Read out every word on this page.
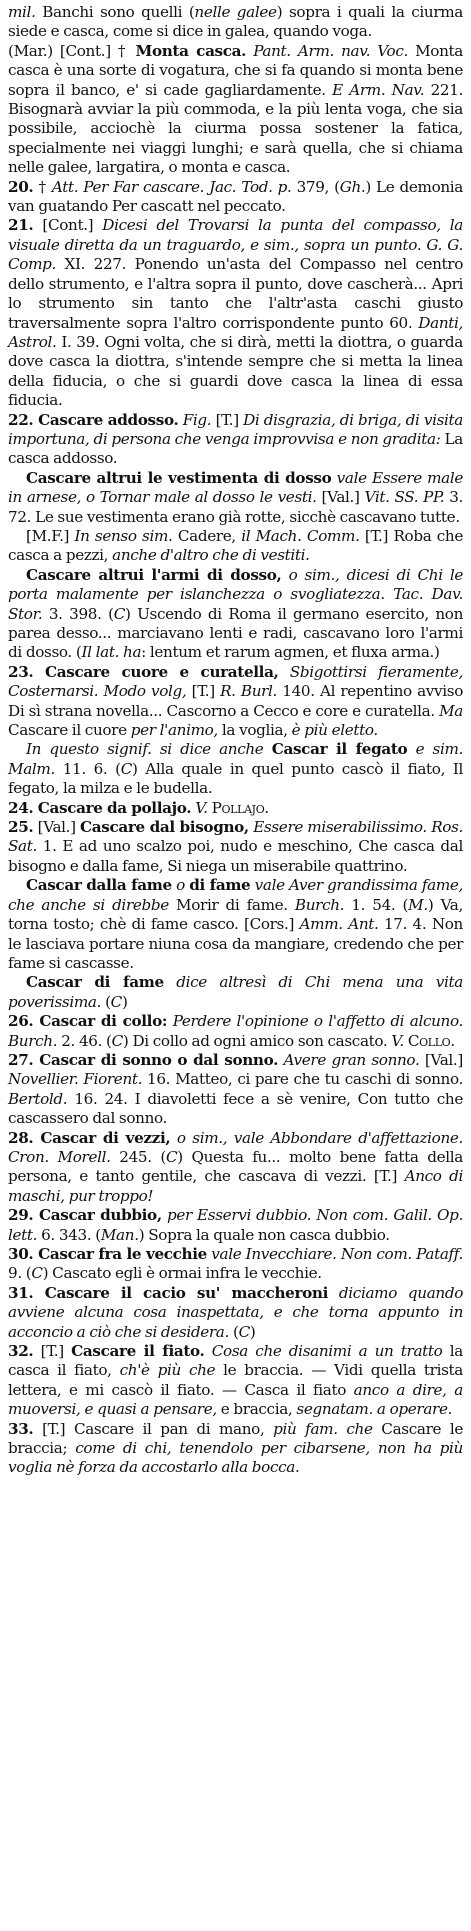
mil. Banchi sono quelli (nelle galee) sopra i quali la ciurma siede e casca, come si dice in galea, quando voga.

(Mar.) [Cont.] † Monta casca. Pant. Arm. nav. Voc. Monta casca è una sorte di vogatura, che si fa quando si monta bene sopra il banco, e' si cade gagliardamente. E Arm. Nav. 221. Bisognarà avviar la più commoda, e la più lenta voga, che sia possibile, acciochè la ciurma possa sostener la fatica, specialmente nei viaggi lunghi; e sarà quella, che si chiama nelle galee, largatira, o monta e casca.

20. † Att. Per Far cascare. Jac. Tod. p. 379, (Gh.) Le demonia van guatando Per cascatt nel peccato.

21. [Cont.] Dicesi del Trovarsi la punta del compasso, la visuale diretta da un traguardo, e sim., sopra un punto. G. G. Comp. XI. 227. Ponendo un'asta del Compasso nel centro dello strumento, e l'altra sopra il punto, dove cascherà... Apri lo strumento sin tanto che l'altr'asta caschi giusto traversalmente sopra l'altro corrispondente punto 60. Danti, Astrol. I. 39. Ogni volta, che si dirà, metti la diottra, o guarda dove casca la diottra, s'intende sempre che si metta la linea della fiducia, o che si guardi dove casca la linea di essa fiducia.

22. Cascare addosso. Fig. [T.] Di disgrazia, di briga, di visita importuna, di persona che venga improvvisa e non gradita: La casca addosso.

Cascare altrui le vestimenta di dosso vale Essere male in arnese, o Tornar male al dosso le vesti. [Val.] Vit. SS. PP. 3. 72. Le sue vestimenta erano già rotte, sicchè cascavano tutte.

[M.F.] In senso sim. Cadere, il Mach. Comm. [T.] Roba che casca a pezzi, anche d'altro che di vestiti.

Cascare altrui l'armi di dosso, o sim., dicesi di Chi le porta malamente per islanchezza o svogliatezza. Tac. Dav. Stor. 3. 398. (C) Uscendo di Roma il germano esercito, non parea desso... marciavano lenti e radi, cascavano loro l'armi di dosso. (Il lat. ha: lentum et rarum agmen, et fluxa arma.)

23. Cascare cuore e curatella, Sbigottirsi fieramente, Costernarsi. Modo volg, [T.] R. Burl. 140. Al repentino avviso Di sì strana novella... Cascorno a Cecco e core e curatella. Ma Cascare il cuore per l'animo, la voglia, è più eletto.

In questo signif. si dice anche Cascar il fegato e sim. Malm. 11. 6. (C) Alla quale in quel punto cascò il fiato, Il fegato, la milza e le budella.

24. Cascare da pollajo. V. Pollajo.

25. [Val.] Cascare dal bisogno, Essere miserabilissimo. Ros. Sat. 1. E ad uno scalzo poi, nudo e meschino, Che casca dal bisogno e dalla fame, Si niega un miserabile quattrino.

Cascar dalla fame o di fame vale Aver grandissima fame, che anche si direbbe Morir di fame. Burch. 1. 54. (M.) Va, torna tosto; chè di fame casco. [Cors.] Amm. Ant. 17. 4. Non le lasciava portare niuna cosa da mangiare, credendo che per fame si cascasse.

Cascar di fame dice altresì di Chi mena una vita poverissima. (C)

26. Cascar di collo: Perdere l'opinione o l'affetto di alcuno. Burch. 2. 46. (C) Di collo ad ogni amico son cascato. V. Collo.

27. Cascar di sonno o dal sonno. Avere gran sonno. [Val.] Novellier. Fiorent. 16. Matteo, ci pare che tu caschi di sonno. Bertold. 16. 24. I diavoletti fece a sè venire, Con tutto che cascassero dal sonno.

28. Cascar di vezzi, o sim., vale Abbondare d'affettazione. Cron. Morell. 245. (C) Questa fu... molto bene fatta della persona, e tanto gentile, che cascava di vezzi. [T.] Anco di maschi, pur troppo!

29. Cascar dubbio, per Esservi dubbio. Non com. Galil. Op. lett. 6. 343. (Man.) Sopra la quale non casca dubbio.

30. Cascar fra le vecchie vale Invecchiare. Non com. Pataff. 9. (C) Cascato egli è ormai infra le vecchie.

31. Cascare il cacio su' maccheroni diciamo quando avviene alcuna cosa inaspettata, e che torna appunto in acconcio a ciò che si desidera. (C)

32. [T.] Cascare il fiato. Cosa che disanimi a un tratto la casca il fiato, ch'è più che le braccia. — Vidi quella trista lettera, e mi cascò il fiato. — Casca il fiato anco a dire, a muoversi, e quasi a pensare, e braccia, segnatam. a operare.

33. [T.] Cascare il pan di mano, più fam. che Cascare le braccia; come di chi, tenendolo per cibarsene, non ha più voglia nè forza da accostarlo alla bocca.
